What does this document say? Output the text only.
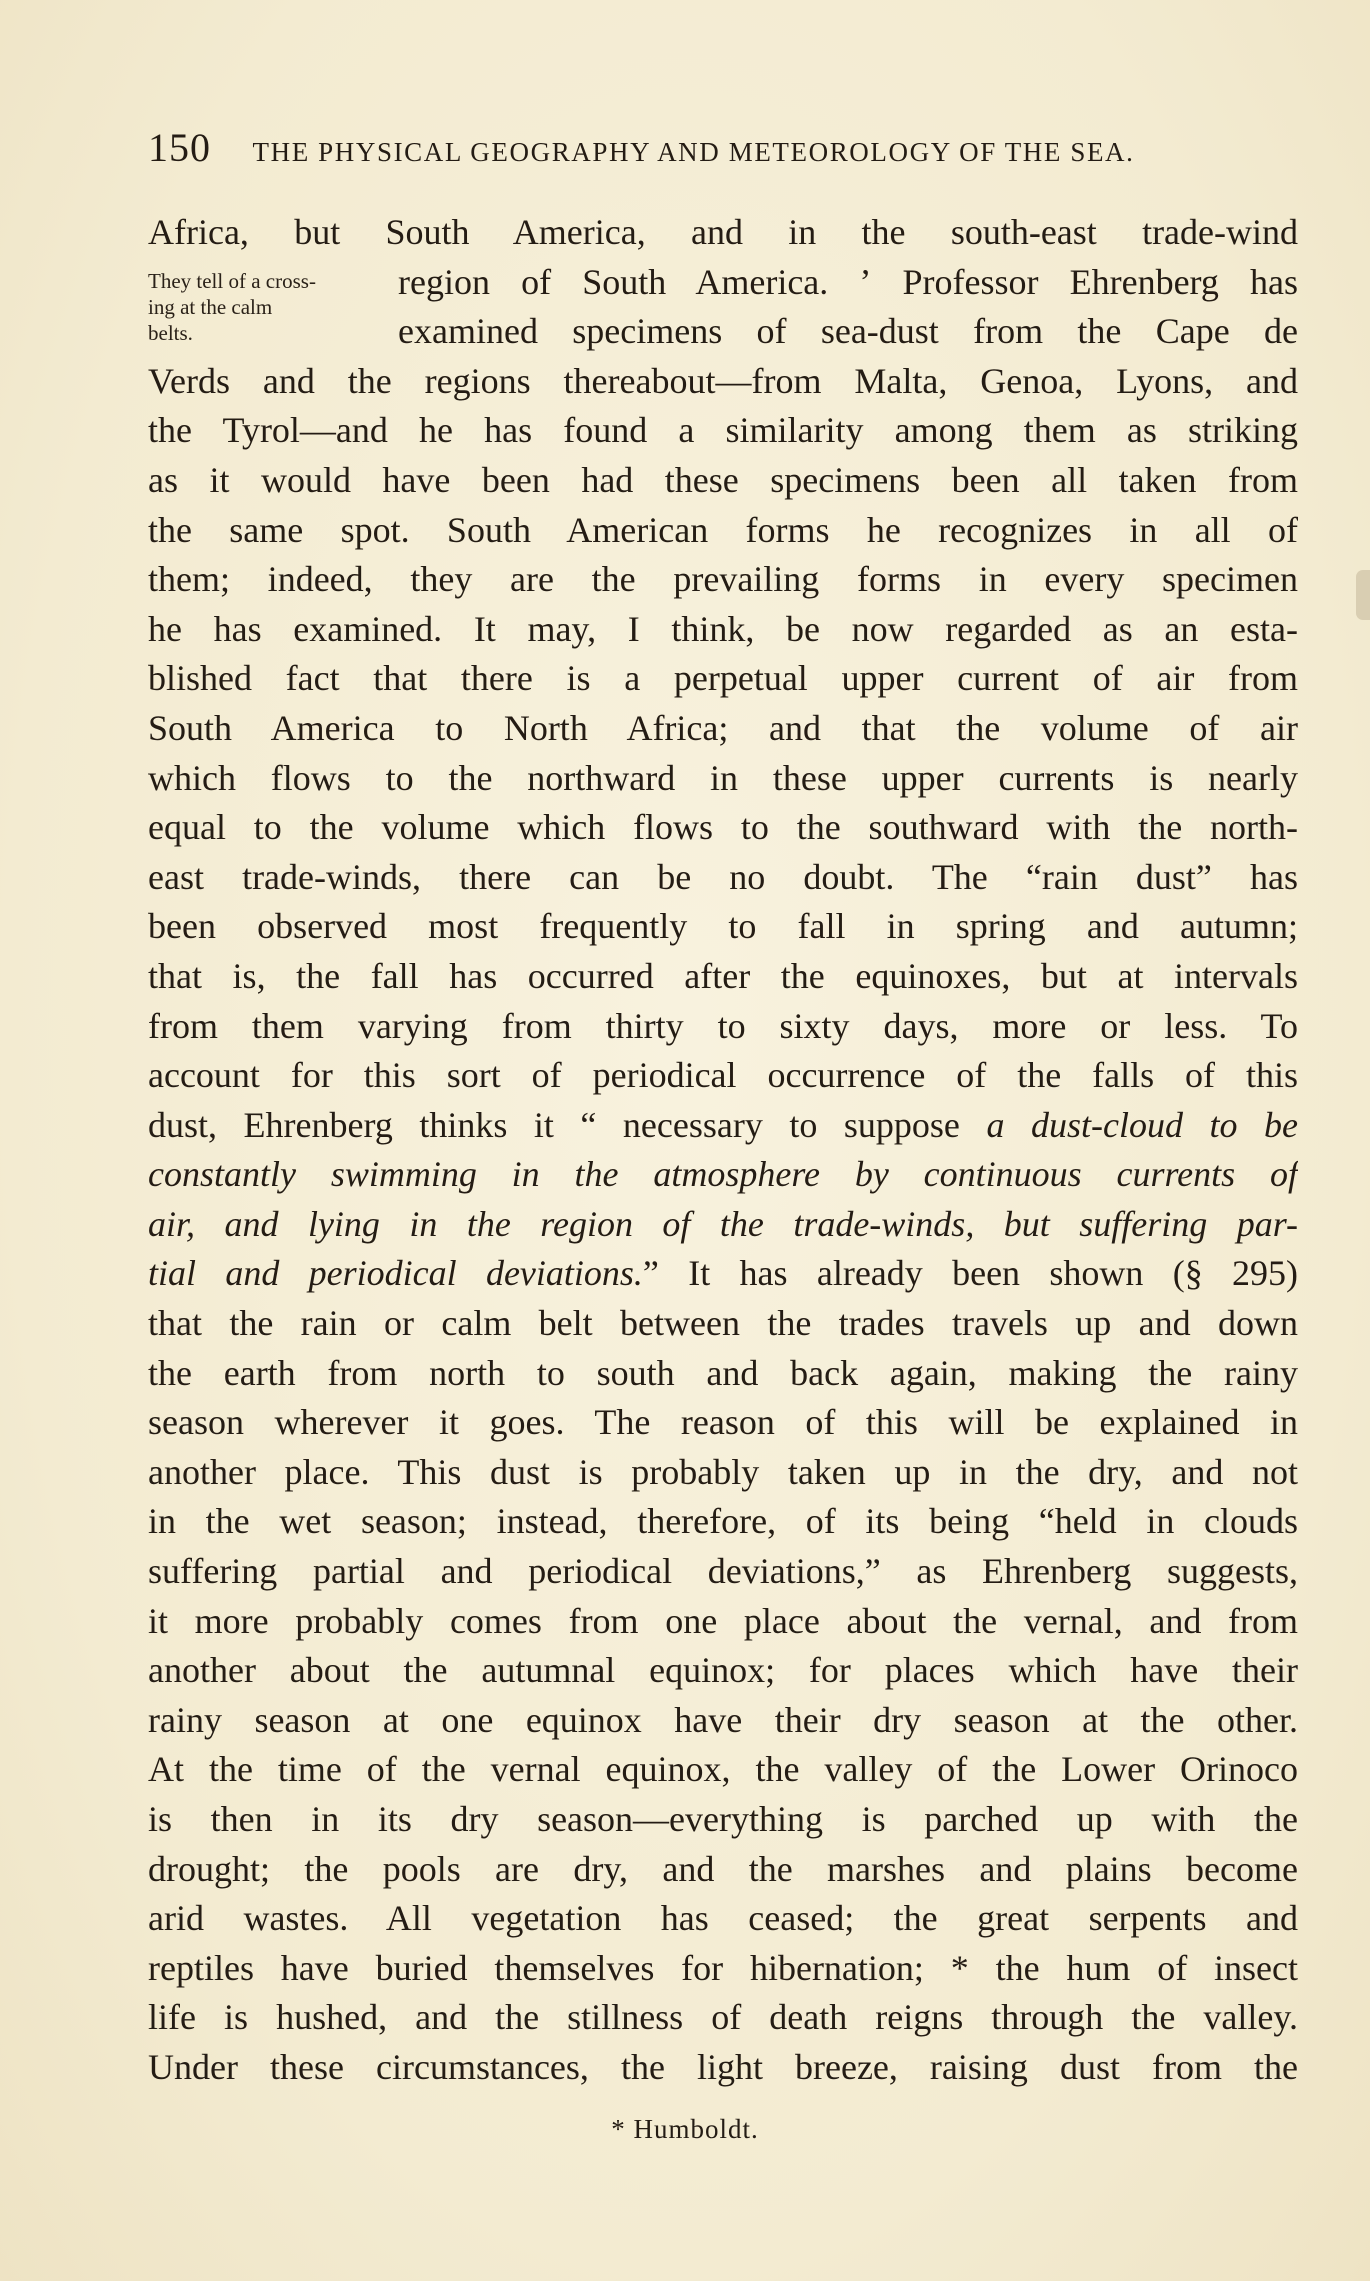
150 THE PHYSICAL GEOGRAPHY AND METEOROLOGY OF THE SEA.
They tell of a cross-
ing at the calm
belts.
Africa, but South America, and in the south-east trade-wind
region of South America. ʼ Professor Ehrenberg has
examined specimens of sea-dust from the Cape de
Verds and the regions thereabout—from Malta, Genoa, Lyons, and
the Tyrol—and he has found a similarity among them as striking
as it would have been had these specimens been all taken from
the same spot. South American forms he recognizes in all of
them; indeed, they are the prevailing forms in every specimen
he has examined. It may, I think, be now regarded as an esta-
blished fact that there is a perpetual upper current of air from
South America to North Africa; and that the volume of air
which flows to the northward in these upper currents is nearly
equal to the volume which flows to the southward with the north-
east trade-winds, there can be no doubt. The “rain dust” has
been observed most frequently to fall in spring and autumn;
that is, the fall has occurred after the equinoxes, but at intervals
from them varying from thirty to sixty days, more or less. To
account for this sort of periodical occurrence of the falls of this
dust, Ehrenberg thinks it “ necessary to suppose a dust-cloud to be
constantly swimming in the atmosphere by continuous currents of
air, and lying in the region of the trade-winds, but suffering par-
tial and periodical deviations.” It has already been shown (§ 295)
that the rain or calm belt between the trades travels up and down
the earth from north to south and back again, making the rainy
season wherever it goes. The reason of this will be explained in
another place. This dust is probably taken up in the dry, and not
in the wet season; instead, therefore, of its being “held in clouds
suffering partial and periodical deviations,” as Ehrenberg suggests,
it more probably comes from one place about the vernal, and from
another about the autumnal equinox; for places which have their
rainy season at one equinox have their dry season at the other.
At the time of the vernal equinox, the valley of the Lower Orinoco
is then in its dry season—everything is parched up with the
drought; the pools are dry, and the marshes and plains become
arid wastes. All vegetation has ceased; the great serpents and
reptiles have buried themselves for hibernation; * the hum of insect
life is hushed, and the stillness of death reigns through the valley.
Under these circumstances, the light breeze, raising dust from the
* Humboldt.
